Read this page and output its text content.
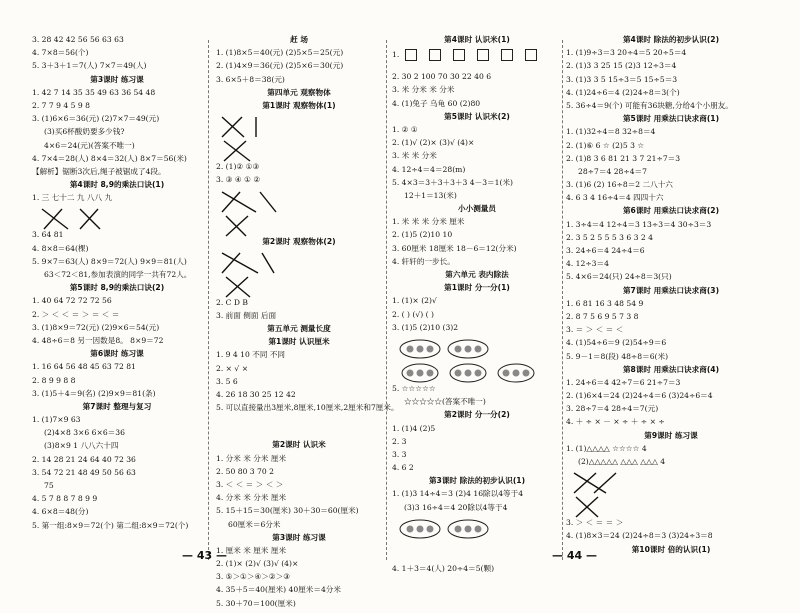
3. 28 42 42 56 56 63 63
4. 7×8＝56(个)
5. 3＋3＋1＝7(人) 7×7＝49(人)
第3课时 练习课
1. 42 7 14 35 35 49 63 36 54 48
2. 7 7 9 4 5 9 8
3. (1)6×6＝36(元) (2)7×7＝49(元)
(3)买6杯酸奶要多少钱?
4×6＝24(元)(答案不唯一)
4. 7×4＝28(人) 8×4＝32(人) 8×7＝56(米)
【解析】锯断3次后,绳子被锯成了4段。
第4课时 8,9的乘法口诀(1)
1. 三 七十二 九 八八 九
3. 64 81
4. 8×8＝64(棵)
5. 9×7＝63(人) 8×9＝72(人) 9×9＝81(人)
63＜72＜81,参加表演的同学一共有72人。
第5课时 8,9的乘法口诀(2)
1. 40 64 72 72 72 56
2. ＞ ＜ ＜ ＝ ＞ ＝ ＜ ＝
3. (1)8×9＝72(元) (2)9×6＝54(元)
4. 48÷6＝8 另一因数是8。 8×9＝72
第6课时 练习课
1. 16 64 56 48 45 63 72 81
2. 8 9 9 8 8
3. (1)5＋4＝9(名) (2)9×9＝81(条)
第7课时 整理与复习
1. (1)7×9 63
(2)4×8 3×6 6×6＝36
(3)8×9 1 八八六十四
2. 14 28 21 24 64 40 72 36
3. 54 72 21 48 49 50 56 63
75
4. 5 7 8 8 7 8 9 9
4. 6×8＝48(分)
5. 第一组:8×9＝72(个) 第二组:8×9＝72(个)
赶 场
1. (1)8×5＝40(元) (2)5×5＝25(元)
2. (1)4×9＝36(元) (2)5×6＝30(元)
3. 6×5＋8＝38(元)
第四单元 观察物体
第1课时 观察物体(1)
2. (1)② ①③
3. ③ ④ ① ②
第2课时 观察物体(2)
2. C D B
3. 前面 侧面 后面
第五单元 测量长度
第1课时 认识厘米
1. 9 4 10 不同 不同
2. × √ ×
3. 5 6
4. 26 18 30 25 12 42
5. 可以直接量出3厘米,8厘米,10厘米,2厘米和7厘米。
第2课时 认识米
1. 分米 米 分米 厘米
2. 50 80 3 70 2
3. ＜ ＜ ＝ ＞ ＜ ＞
4. 分米 米 分米 厘米
5. 15＋15＝30(厘米) 30＋30＝60(厘米)
60厘米＝6分米
第3课时 练习课
1. 厘米 米 厘米 厘米
2. (1)× (2)√ (3)√ (4)×
3. ⑤＞①＞④＞②＞③
4. 35＋5＝40(厘米) 40厘米＝4分米
5. 30＋70＝100(厘米)
第4课时 认识米(1)
1.
2. 30 2 100 70 30 22 40 6
3. 米 分米 米 分米
4. (1)兔子 乌龟 60 (2)80
第5课时 认识米(2)
1. ② ①
2. (1)√ (2)× (3)√ (4)×
3. 米 米 分米
4. 12÷4＝4＝28(m)
5. 4×3＝3＋3＋3＋3 4－3＝1(米)
12＋1＝13(米)
小小测量员
1. 米 米 米 分米 厘米
2. (1)5 (2)10 10
3. 60厘米 18厘米 18－6＝12(分米)
4. 轩轩的一步长。
第六单元 表内除法
第1课时 分一分(1)
1. (1)× (2)√
2. ( ) (√) ( )
3. (1)5 (2)10 (3)2
5. ☆☆☆☆☆
☆☆☆☆☆(答案不唯一)
第2课时 分一分(2)
1. (1)4 (2)5
2. 3
3. 3
4. 6 2
第3课时 除法的初步认识(1)
1. (1)3 14÷4＝3 (2)4 16除以4等于4
(3)3 16÷4＝4 20除以4等于4
4. 1＋3＝4(人) 20÷4＝5(颗)
第4课时 除法的初步认识(2)
1. (1)9÷3＝3 20÷4＝5 20÷5＝4
2. (1)3 3 25 15 (2)3 12÷3＝4
3. (1)3 3 5 15÷3＝5 15÷5＝3
4. (1)24÷6＝4 (2)24÷8＝3(个)
5. 36÷4＝9(个) 可能有36块糖,分给4个小朋友。
第5课时 用乘法口诀求商(1)
1. (1)32÷4＝8 32÷8＝4
2. (1)⑥ 6 ☆ (2)5 3 ☆
2. (1)8 3 6 81 21 3 7 21÷7＝3
28÷7＝4 28÷4＝7
3. (1)6 (2) 16÷8＝2 二八十六
4. 6 3 4 16÷4＝4 四四十六
第6课时 用乘法口诀求商(2)
1. 3÷4＝4 12÷4＝3 13÷3＝4 30÷3＝3
2. 3 5 2 5 5 5 3 6 3 2 4
3. 24÷6＝4 24÷4＝6
4. 12÷3＝4
5. 4×6＝24(只) 24÷8＝3(只)
第7课时 用乘法口诀求商(3)
1. 6 81 16 3 48 54 9
2. 8 7 5 6 9 5 7 3 8
3. ＝ ＞ ＜ ＝ ＜
4. (1)54÷6＝9 (2)54÷9＝6
5. 9－1＝8(段) 48÷8＝6(米)
第8课时 用乘法口诀求商(4)
1. 24÷6＝4 42÷7＝6 21÷7＝3
2. (1)6×4＝24 (2)24÷4＝6 (3)24÷6＝4
3. 28÷7＝4 28÷4＝7(元)
4. ＋ ÷ × － × ÷ ＋ ÷ × ÷
第9课时 练习课
1. (1)△△△△ ☆☆☆☆ 4
(2)△△△△△ △△△ △△△ 4
3. ＞ ＜ ＝ ＝ ＞
4. (1)8×3＝24 (2)24÷8＝3 (3)24÷3＝8
第10课时 倍的认识(1)
— 43 —	— 44 —
